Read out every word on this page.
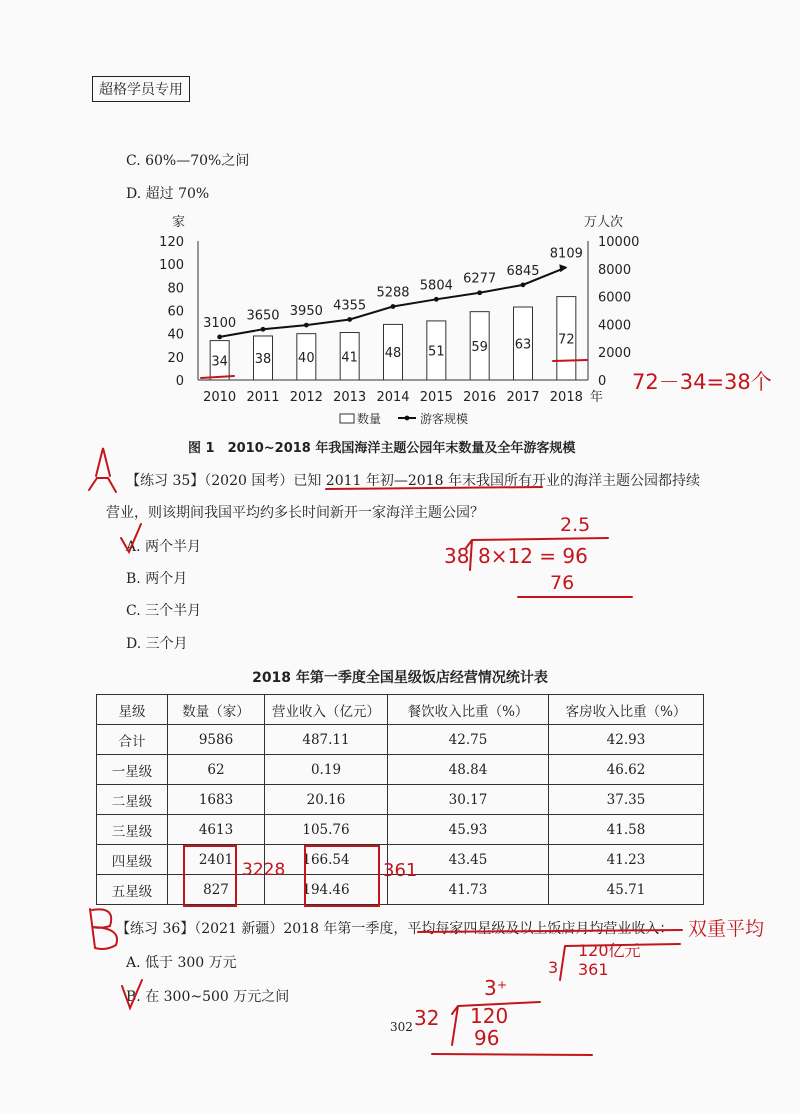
超格学员专用
C. 60%—70%之间
D. 超过 70%
0
20
40
60
80
100
120
0
2000
4000
6000
8000
10000
家	万人次
年
34
2010
38
2011
40
2012
41
2013
48
2014
51
2015
59
2016
63
2017
72
2018
3100
3650 3950 4355
5288 5804 6277
6845
8109
数量	游客规模
图 1　2010~2018 年我国海洋主题公园年末数量及全年游客规模
【练习 35】（2020 国考）已知 2011 年初—2018 年末我国所有开业的海洋主题公园都持续
营业，则该期间我国平均约多长时间新开一家海洋主题公园？
A. 两个半月
B. 两个月
C. 三个半月
D. 三个月
2018 年第一季度全国星级饭店经营情况统计表
星级	数量（家）	营业收入（亿元）	餐饮收入比重（%）	客房收入比重（%）
合计	9586	487.11	42.75	42.93
一星级	62	0.19	48.84	46.62
二星级	1683	20.16	30.17	37.35
三星级	4613	105.76	45.93	41.58
四星级	2401	166.54	43.45	41.23
五星级	827	194.46	41.73	45.71
【练习 36】（2021 新疆）2018 年第一季度，平均每家四星级及以上饭店月均营业收入：
A. 低于 300 万元
B. 在 300~500 万元之间
302
72－34=38个
2.5
38 8×12 = 96
76
3228	361
双重平均
120亿元
3 361
3⁺
32 120
96
